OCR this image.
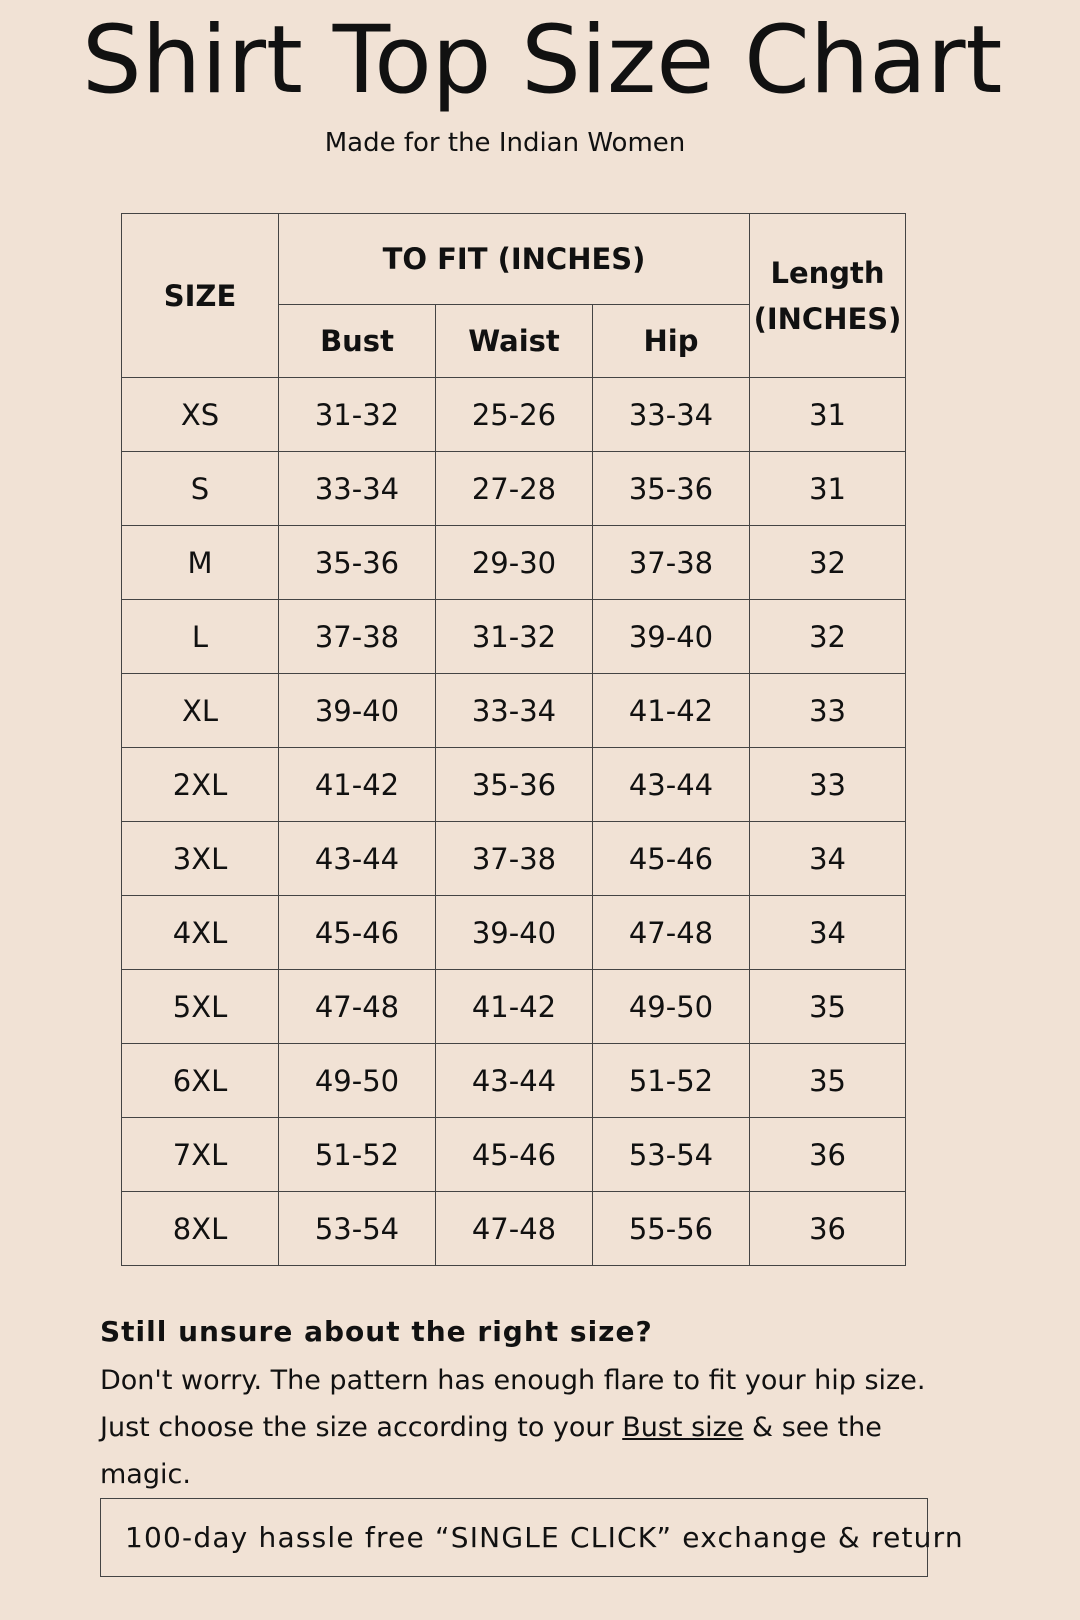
Shirt Top Size Chart

Made for the Indian Women

SIZE	TO FIT (INCHES)			Length
(INCHES)
	Bust	Waist	Hip	
XS	31-32	25-26	33-34	31
S	33-34	27-28	35-36	31
M	35-36	29-30	37-38	32
L	37-38	31-32	39-40	32
XL	39-40	33-34	41-42	33
2XL	41-42	35-36	43-44	33
3XL	43-44	37-38	45-46	34
4XL	45-46	39-40	47-48	34
5XL	47-48	41-42	49-50	35
6XL	49-50	43-44	51-52	35
7XL	51-52	45-46	53-54	36
8XL	53-54	47-48	55-56	36

Still unsure about the right size?

Don't worry. The pattern has enough flare to fit your hip size.
Just choose the size according to your Bust size & see the
magic.

100-day hassle free “SINGLE CLICK” exchange & return
